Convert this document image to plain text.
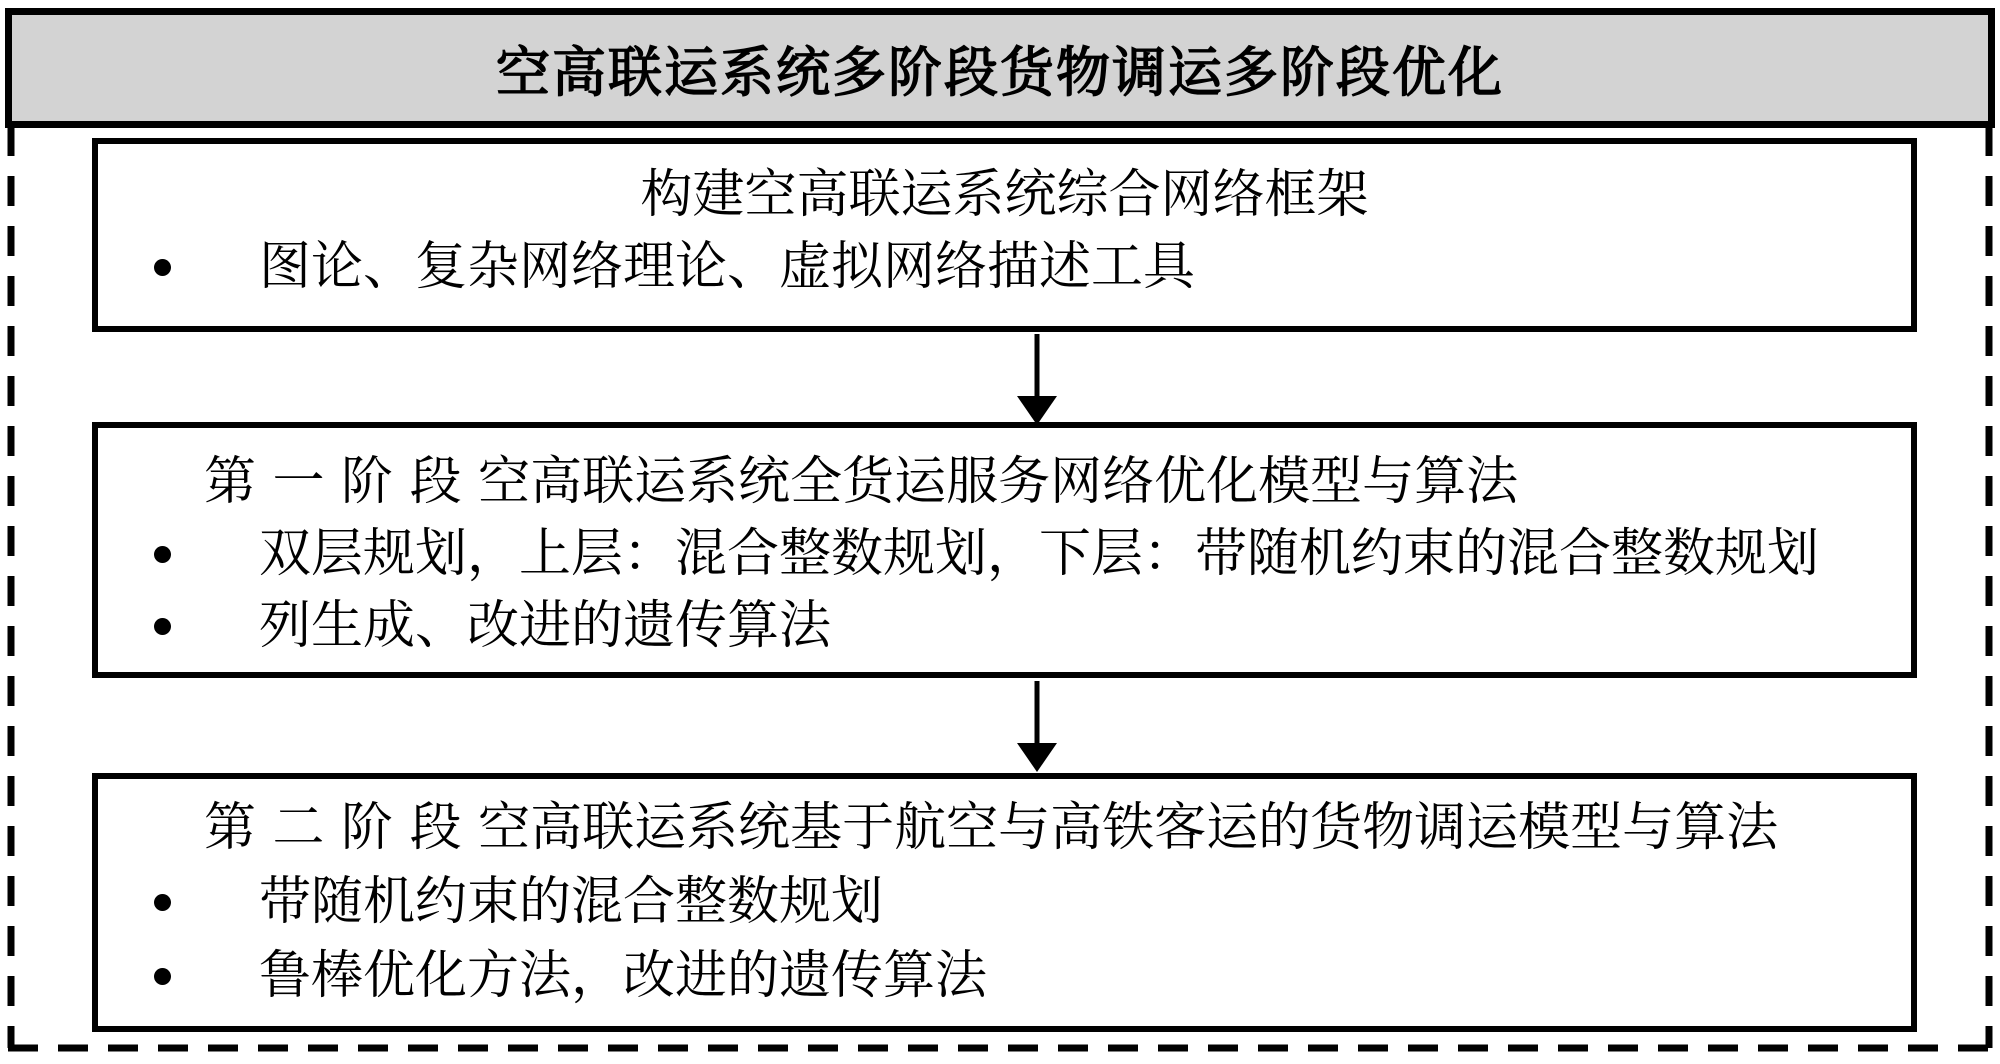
空高联运系统多阶段货物调运多阶段优化
构建空高联运系统综合网络框架
图论、复杂网络理论、虚拟网络描述工具
第 一 阶 段 空高联运系统全货运服务网络优化模型与算法
双层规划，上层：混合整数规划，下层：带随机约束的混合整数规划
列生成、改进的遗传算法
第 二 阶 段 空高联运系统基于航空与高铁客运的货物调运模型与算法
带随机约束的混合整数规划
鲁棒优化方法，改进的遗传算法
